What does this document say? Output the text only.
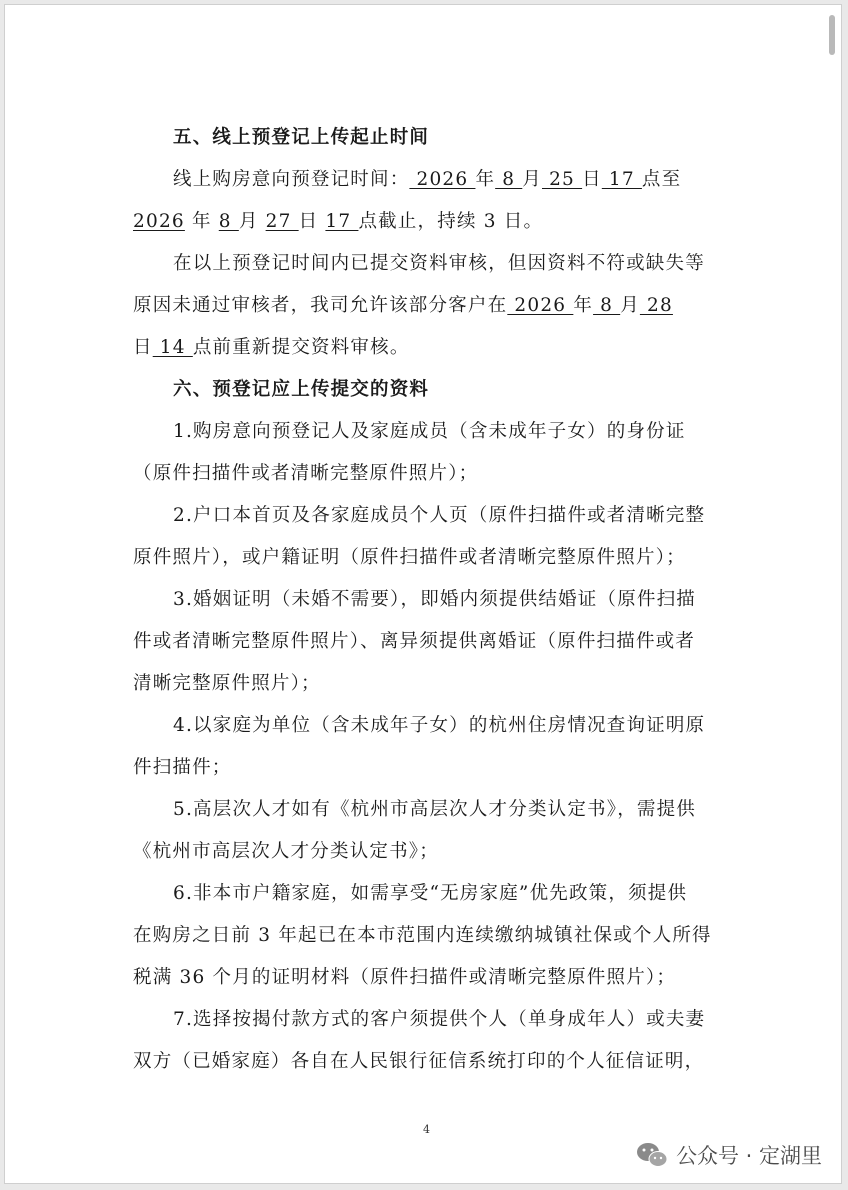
五、线上预登记上传起止时间
线上购房意向预登记时间： 2026 年 8 月 25 日 17 点至
2026 年 8 月 27 日 17 点截止，持续 3 日。
在以上预登记时间内已提交资料审核，但因资料不符或缺失等
原因未通过审核者，我司允许该部分客户在 2026 年 8 月 28
日 14 点前重新提交资料审核。
六、预登记应上传提交的资料
1.购房意向预登记人及家庭成员（含未成年子女）的身份证
（原件扫描件或者清晰完整原件照片）；
2.户口本首页及各家庭成员个人页（原件扫描件或者清晰完整
原件照片），或户籍证明（原件扫描件或者清晰完整原件照片）；
3.婚姻证明（未婚不需要），即婚内须提供结婚证（原件扫描
件或者清晰完整原件照片）、离异须提供离婚证（原件扫描件或者
清晰完整原件照片）；
4.以家庭为单位（含未成年子女）的杭州住房情况查询证明原
件扫描件；
5.高层次人才如有《杭州市高层次人才分类认定书》，需提供
《杭州市高层次人才分类认定书》；
6.非本市户籍家庭，如需享受“无房家庭”优先政策，须提供
在购房之日前 3 年起已在本市范围内连续缴纳城镇社保或个人所得
税满 36 个月的证明材料（原件扫描件或清晰完整原件照片）；
7.选择按揭付款方式的客户须提供个人（单身成年人）或夫妻
双方（已婚家庭）各自在人民银行征信系统打印的个人征信证明，
4
公众号 · 定湖里
